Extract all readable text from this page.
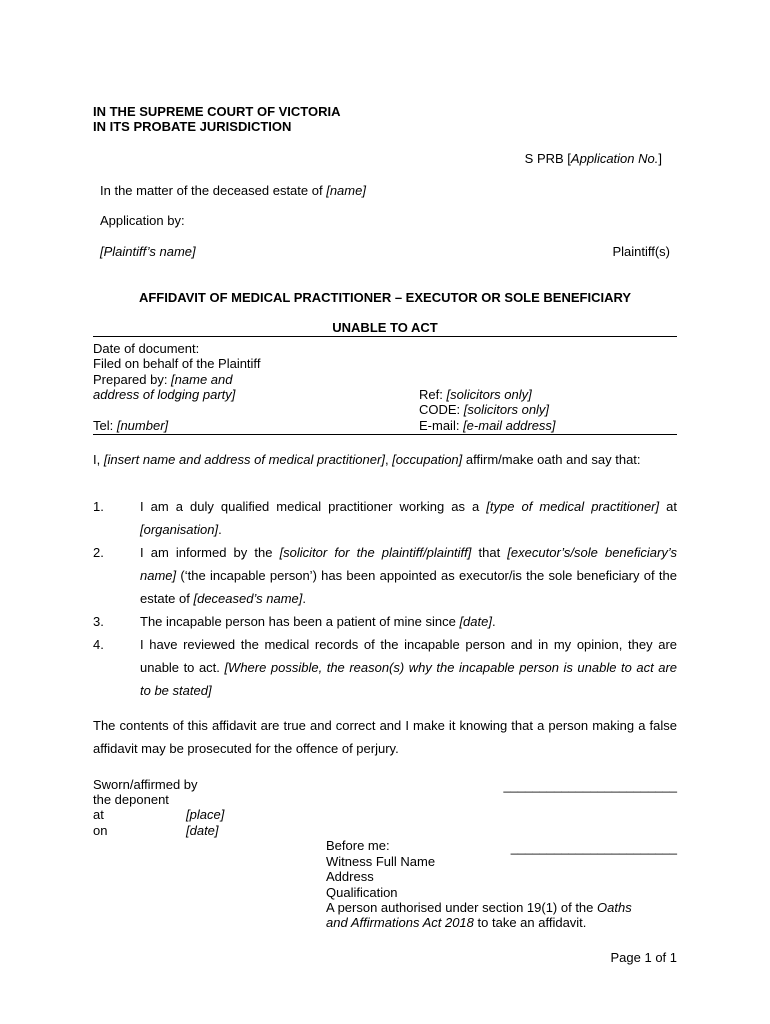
IN THE SUPREME COURT OF VICTORIA
IN ITS PROBATE JURISDICTION
S PRB [Application No.]
In the matter of the deceased estate of [name]
Application by:
[Plaintiff’s name]	Plaintiff(s)
AFFIDAVIT OF MEDICAL PRACTITIONER – EXECUTOR OR SOLE BENEFICIARY
UNABLE TO ACT
Date of document:
Filed on behalf of the Plaintiff
Prepared by: [name and
address of lodging party]	Ref: [solicitors only]
CODE: [solicitors only]
Tel: [number]	E-mail: [e-mail address]
I, [insert name and address of medical practitioner], [occupation] affirm/make oath and say that:
1.	I am a duly qualified medical practitioner working as a [type of medical practitioner] at [organisation].
2.	I am informed by the [solicitor for the plaintiff/plaintiff] that [executor’s/sole beneficiary’s name] (‘the incapable person’) has been appointed as executor/is the sole beneficiary of the estate of [deceased’s name].
3.	The incapable person has been a patient of mine since [date].
4.	I have reviewed the medical records of the incapable person and in my opinion, they are unable to act. [Where possible, the reason(s) why the incapable person is unable to act are to be stated]
The contents of this affidavit are true and correct and I make it knowing that a person making a false affidavit may be prosecuted for the offence of perjury.
Sworn/affirmed by
the deponent
at	[place]
on	[date]
________________________
Before me:	_______________________
Witness Full Name
Address
Qualification
A person authorised under section 19(1) of the Oaths
and Affirmations Act 2018 to take an affidavit.
Page 1 of 1
